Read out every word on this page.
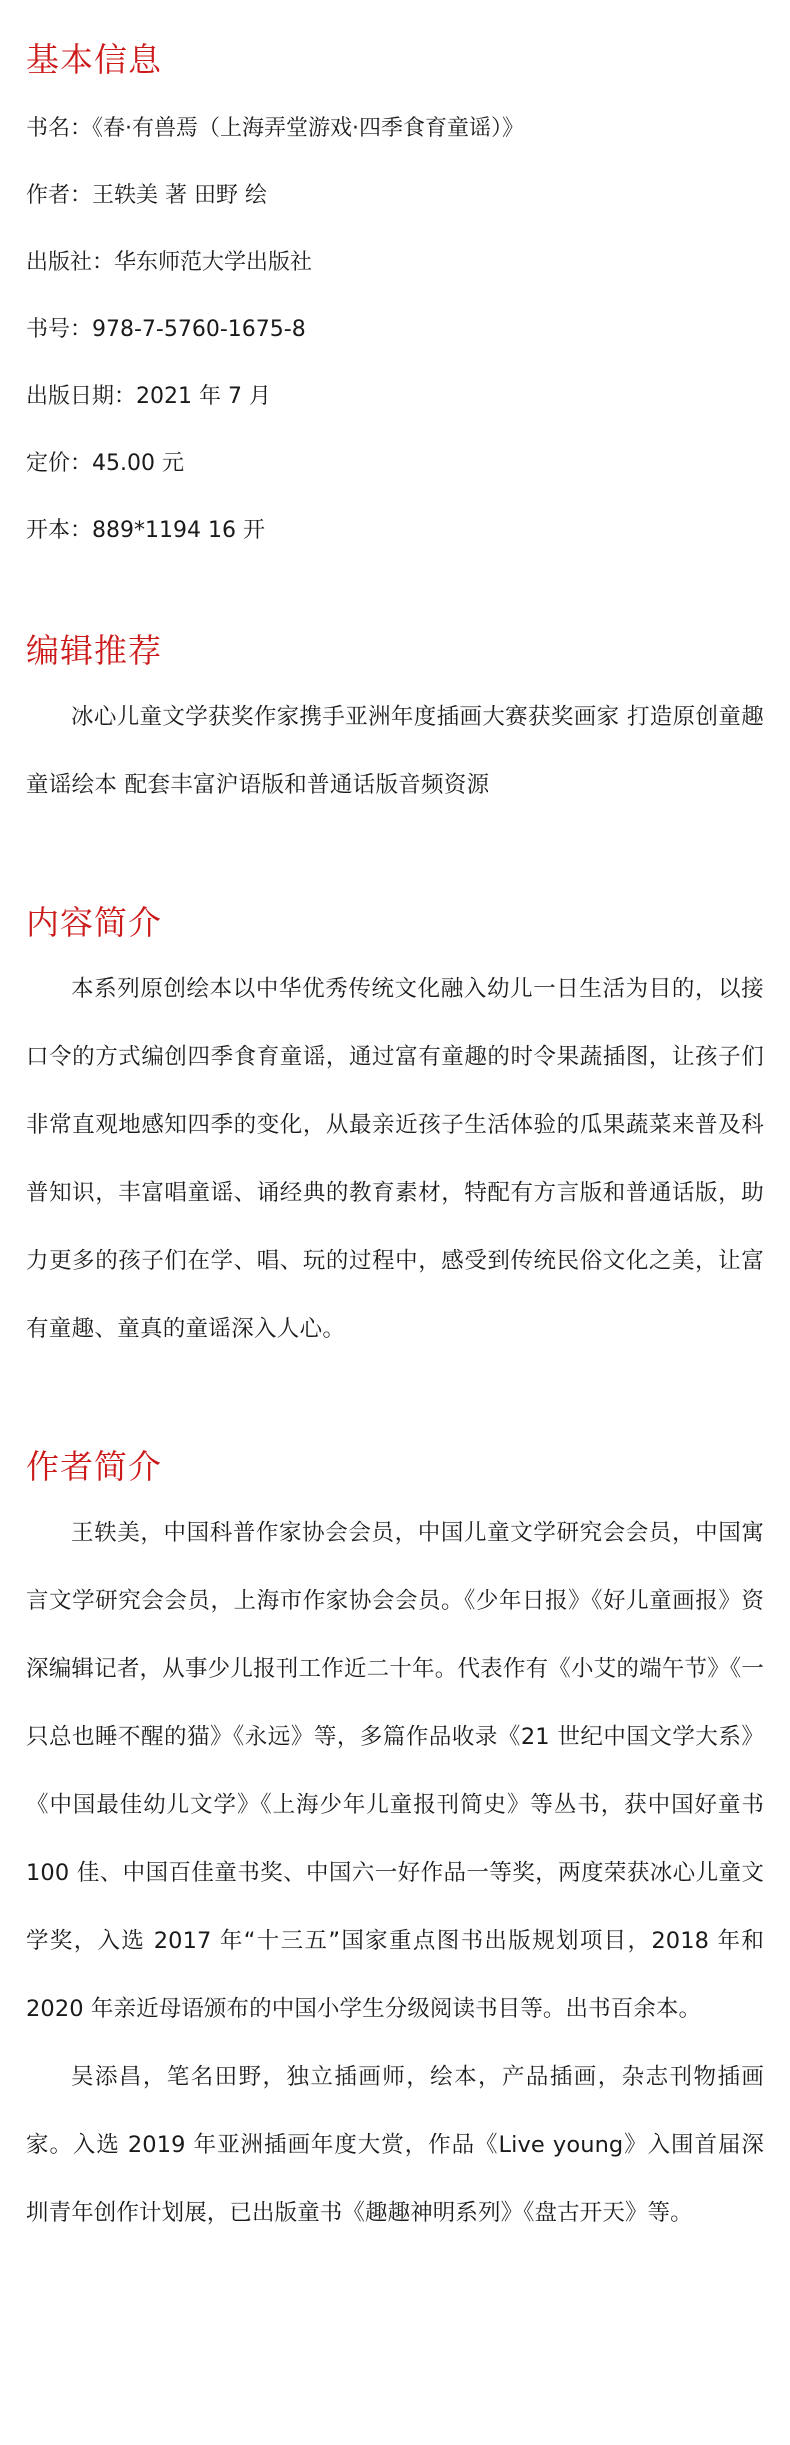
基本信息

书名：《春·有兽焉（上海弄堂游戏·四季食育童谣）》

作者：王轶美 著 田野 绘

出版社：华东师范大学出版社

书号：978-7-5760-1675-8

出版日期：2021 年 7 月

定价：45.00 元

开本：889*1194 16 开

编辑推荐

冰心儿童文学获奖作家携手亚洲年度插画大赛获奖画家 打造原创童趣童谣绘本 配套丰富沪语版和普通话版音频资源

内容简介

本系列原创绘本以中华优秀传统文化融入幼儿一日生活为目的，以接口令的方式编创四季食育童谣，通过富有童趣的时令果蔬插图，让孩子们非常直观地感知四季的变化，从最亲近孩子生活体验的瓜果蔬菜来普及科普知识，丰富唱童谣、诵经典的教育素材，特配有方言版和普通话版，助力更多的孩子们在学、唱、玩的过程中，感受到传统民俗文化之美，让富有童趣、童真的童谣深入人心。

作者简介

王轶美，中国科普作家协会会员，中国儿童文学研究会会员，中国寓言文学研究会会员，上海市作家协会会员。《少年日报》《好儿童画报》资深编辑记者，从事少儿报刊工作近二十年。代表作有《小艾的端午节》《一只总也睡不醒的猫》《永远》等，多篇作品收录《21 世纪中国文学大系》《中国最佳幼儿文学》《上海少年儿童报刊简史》等丛书，获中国好童书 100 佳、中国百佳童书奖、中国六一好作品一等奖，两度荣获冰心儿童文学奖，入选 2017 年“十三五”国家重点图书出版规划项目，2018 年和 2020 年亲近母语颁布的中国小学生分级阅读书目等。出书百余本。

吴添昌，笔名田野，独立插画师，绘本，产品插画，杂志刊物插画家。入选 2019 年亚洲插画年度大赏，作品《Live young》入围首届深圳青年创作计划展，已出版童书《趣趣神明系列》《盘古开天》等。
